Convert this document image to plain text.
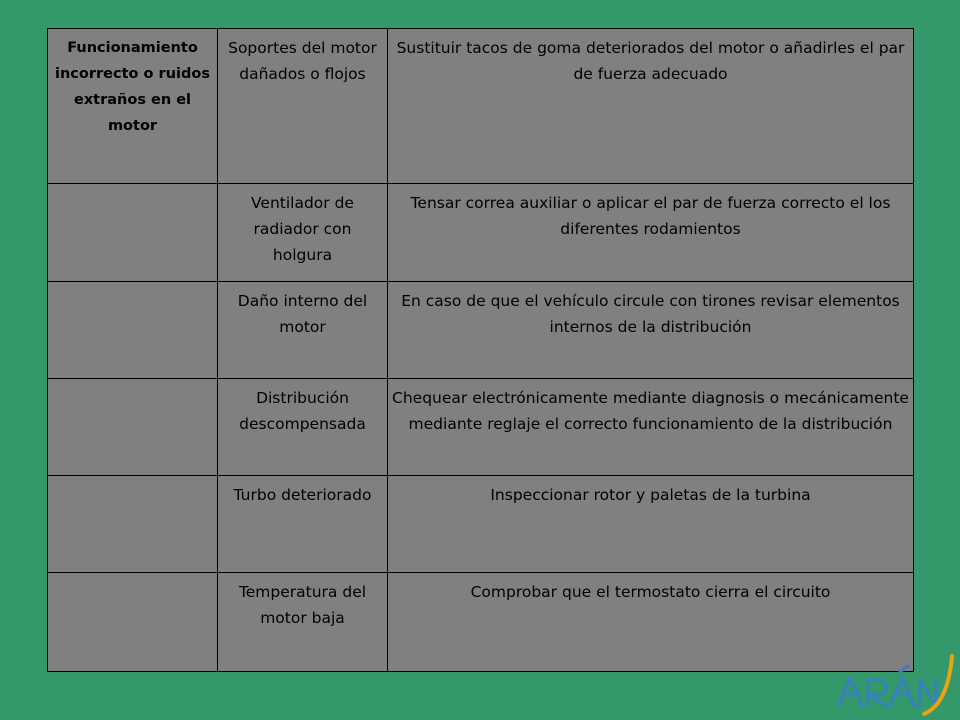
Funcionamiento incorrecto o ruidos extraños en el motor	Soportes del motor dañados o flojos	Sustituir tacos de goma deteriorados del motor o añadirles el par de fuerza adecuado
	Ventilador de radiador con holgura	Tensar correa auxiliar o aplicar el par de fuerza correcto el los diferentes rodamientos
	Daño interno del motor	En caso de que el vehículo circule con tirones revisar elementos internos de la distribución
	Distribución descompensada	Chequear electrónicamente mediante diagnosis o mecánicamente mediante reglaje el correcto funcionamiento de la distribución
	Turbo deteriorado	Inspeccionar rotor y paletas de la turbina
	Temperatura del motor baja	Comprobar que el termostato cierra el circuito
